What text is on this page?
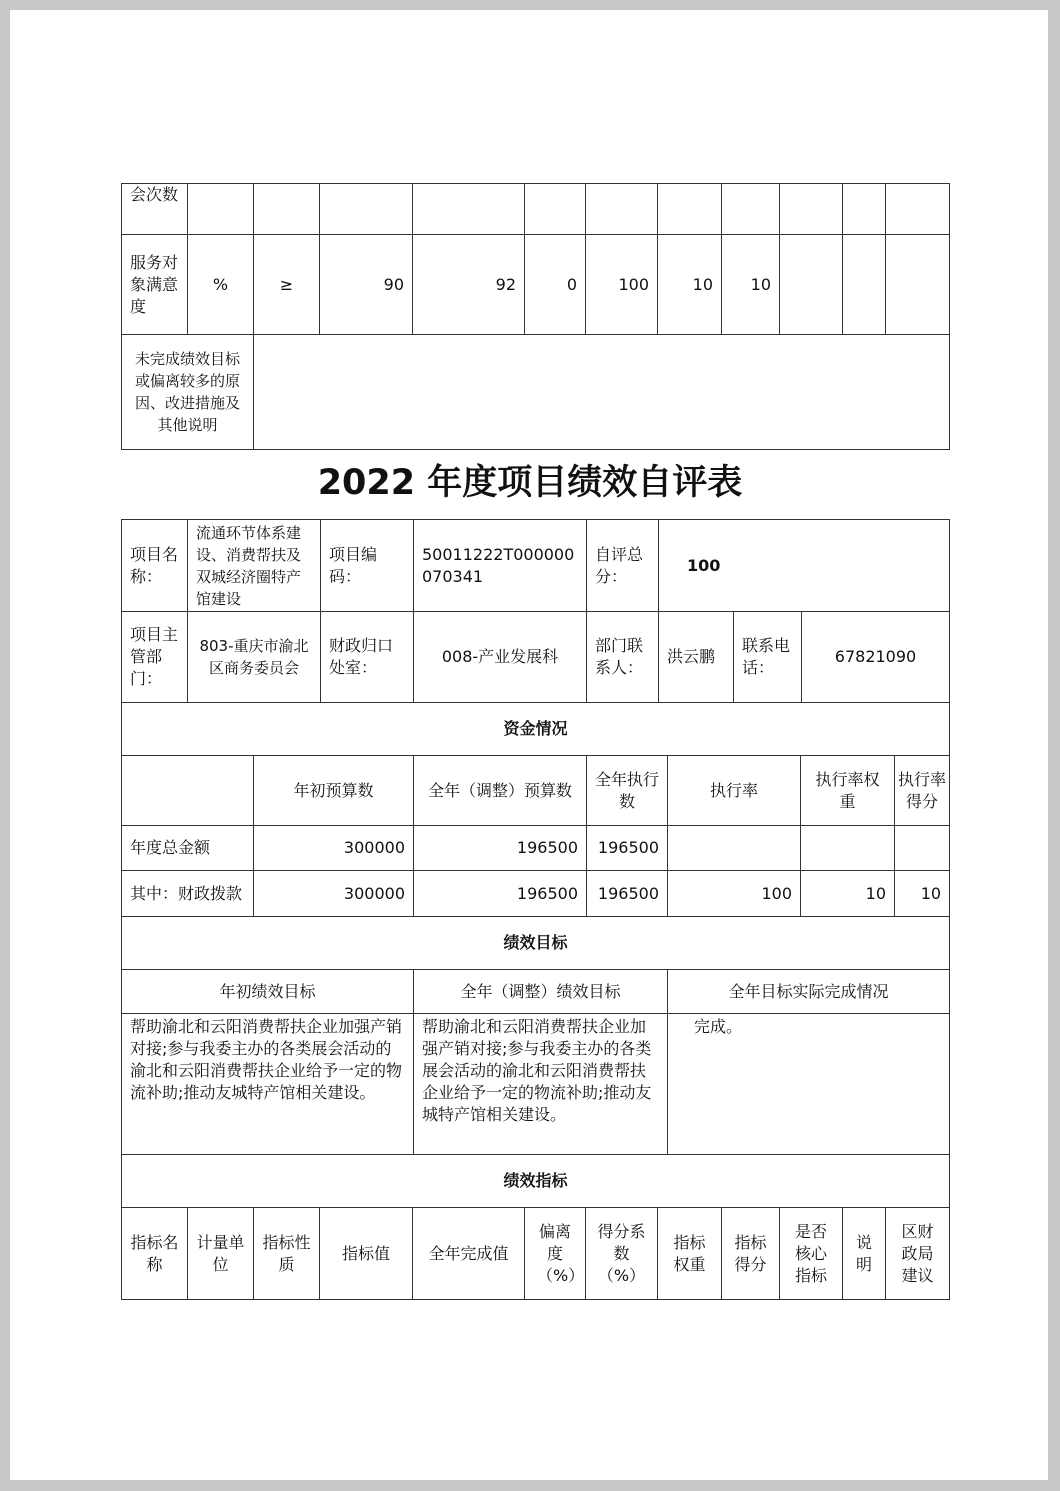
会次数											
服务对象满意度	%	≥	90	92	0	100	10	10			
未完成绩效目标或偏离较多的原因、改进措施及其他说明											
2022 年度项目绩效自评表
项目名称：	流通环节体系建设、消费帮扶及双城经济圈特产馆建设	项目编码：	50011222T000000070341	自评总分：	100		
项目主管部门：	803-重庆市渝北区商务委员会	财政归口处室：	008-产业发展科	部门联系人：	洪云鹏	联系电话：	67821090
资金情况						
	年初预算数	全年（调整）预算数	全年执行数	执行率	执行率权重	执行率得分
年度总金额	300000	196500	196500			
其中：财政拨款	300000	196500	196500	100	10	10
绩效目标		
年初绩效目标	全年（调整）绩效目标	全年目标实际完成情况
帮助渝北和云阳消费帮扶企业加强产销对接;参与我委主办的各类展会活动的渝北和云阳消费帮扶企业给予一定的物流补助;推动友城特产馆相关建设。	帮助渝北和云阳消费帮扶企业加强产销对接;参与我委主办的各类展会活动的渝北和云阳消费帮扶企业给予一定的物流补助;推动友城特产馆相关建设。	完成。
绩效指标
指标名称	计量单位	指标性质	指标值	全年完成值	偏离度（%）	得分系数（%）	指标权重	指标得分	是否核心指标	说明	区财政局建议
